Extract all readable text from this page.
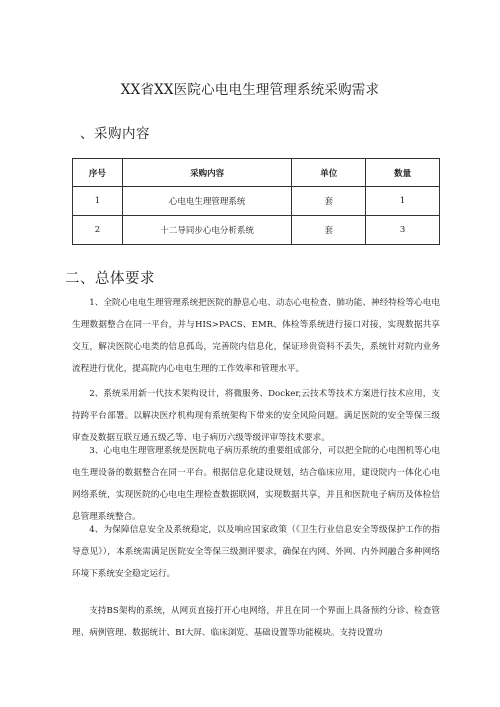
XX省XX医院心电电生理管理系统采购需求
、采购内容
序号	采购内容	单位	数量
1	心电电生理管理系统	套	1
2	十二导同步心电分析系统	套	3
二、总体要求

1、全院心电电生理管理系统把医院的静息心电、动态心电检查、肺功能、神经特检等心电电生理数据整合在同一平台，并与HIS>PACS、EMR、体检等系统进行接口对接，实现数据共享交互，解决医院心电类的信息孤岛，完善院内信息化，保证珍贵资料不丢失，系统针对院内业务流程进行优化，提高院内心电电生理的工作效率和管理水平。

2、系统采用新一代技术架构设计，将微服务、Docker,云技术等技术方案进行技术应用，支持跨平台部署。以解决医疗机构现有系统架构下带来的安全风险问题。满足医院的安全等保三级审查及数据互联互通五级乙等、电子病历六级等级评审等技术要求。

3、心电电生理管理系统是医院电子病历系统的重要组成部分，可以把全院的心电图机等心电电生理设备的数据整合在同一平台。根据信息化建设规划，结合临床应用，建设院内一体化心电网络系统，实现医院的心电电生理检查数据联网，实现数据共享，并且和医院电子病历及体检信息管理系统整合。

4、为保障信息安全及系统稳定，以及响应国家政策（《卫生行业信息安全等级保护工作的指导意见》），本系统需满足医院安全等保三级测评要求，确保在内网、外网、内外网融合多种网络环境下系统安全稳定运行。

支持BS架构的系统，从网页直接打开心电网络，并且在同一个界面上具备预约分诊、检查管理、病例管理、数据统计、BI大屏、临床浏览、基础设置等功能模块。支持设置功
